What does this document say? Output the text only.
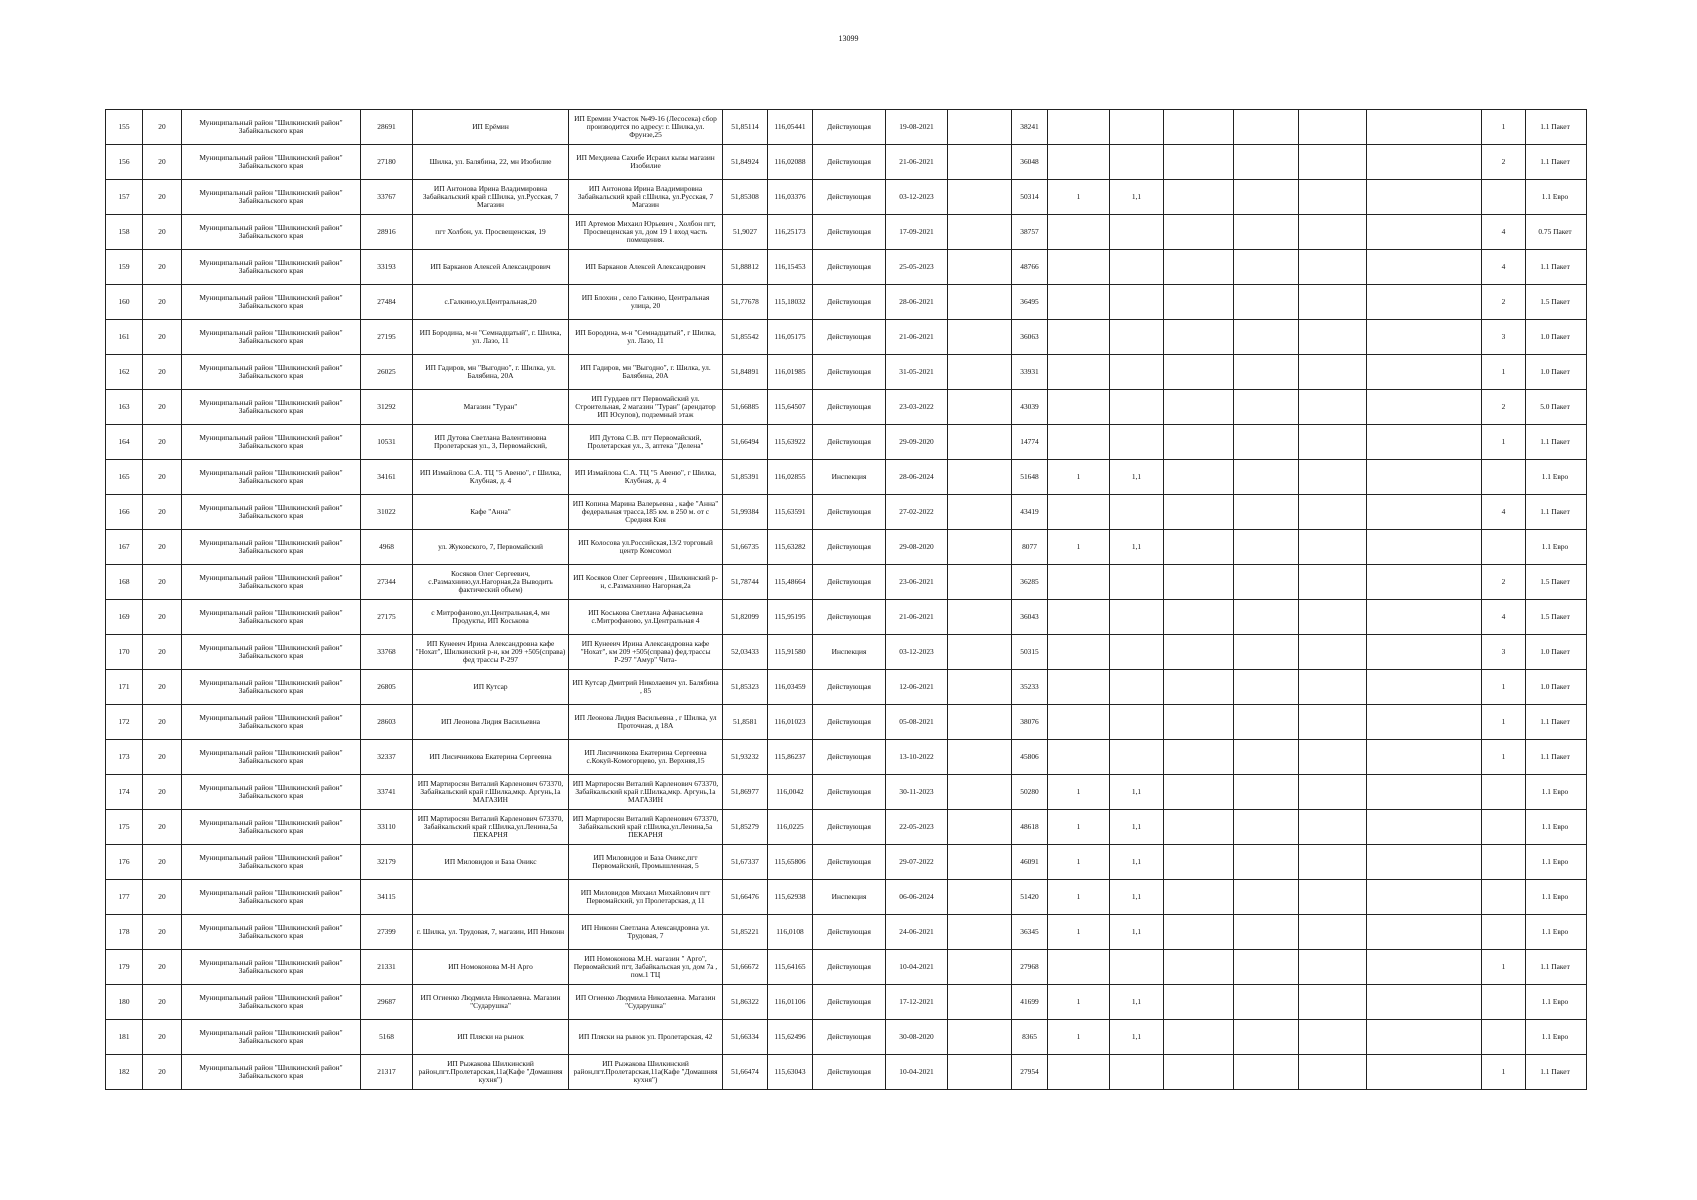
13099
155	20	Муниципальный район "Шилкинский район" Забайкальского края	28691	ИП Ерёмин	ИП Еремин Участок №49-16 (Лесосека) сбор производится по адресу: г. Шилка,ул. Фрунзе,25	51,85114	116,05441	Действующая	19-08-2021		38241							1	1.1 Пакет

156	20	Муниципальный район "Шилкинский район" Забайкальского края	27180	Шилка, ул. Балябина, 22, мн Изобилие	ИП Мехдиева Сахибе Исраил кызы магазин Изобилие	51,84924	116,02088	Действующая	21-06-2021		36048							2	1.1 Пакет

157	20	Муниципальный район "Шилкинский район" Забайкальского края	33767	ИП Антонова Ирина Владимировна Забайкальский край г.Шилка, ул.Русская, 7 Магазин	ИП Антонова Ирина Владимировна Забайкальский край г.Шилка, ул.Русская, 7 Магазин	51,85308	116,03376	Действующая	03-12-2023		50314	1	1,1						1.1 Евро

158	20	Муниципальный район "Шилкинский район" Забайкальского края	28916	пгт Холбон, ул. Просвещенская, 19	ИП Артемов Михаил Юрьевич , Холбон пгт, Просвещенская ул, дом 19 1 вход часть помещения.	51,9027	116,25173	Действующая	17-09-2021		38757							4	0.75 Пакет

159	20	Муниципальный район "Шилкинский район" Забайкальского края	33193	ИП Барканов Алексей Александрович	ИП Барканов Алексей Александрович	51,88812	116,15453	Действующая	25-05-2023		48766							4	1.1 Пакет

160	20	Муниципальный район "Шилкинский район" Забайкальского края	27484	с.Галкино,ул.Центральная,20	ИП Блохин , село Галкино, Центральная улица, 20	51,77678	115,18032	Действующая	28-06-2021		36495							2	1.5 Пакет

161	20	Муниципальный район "Шилкинский район" Забайкальского края	27195	ИП Бородина, м-н "Семнадцатый", г. Шилка, ул. Лазо, 11	ИП Бородина, м-н "Семнадцатый", г Шилка, ул. Лазо, 11	51,85542	116,05175	Действующая	21-06-2021		36063							3	1.0 Пакет

162	20	Муниципальный район "Шилкинский район" Забайкальского края	26025	ИП Гадиров, мн "Выгодно", г. Шилка, ул. Балябина, 20А	ИП Гадиров, мн "Выгодно", г. Шилка, ул. Балябина, 20А	51,84891	116,01985	Действующая	31-05-2021		33931							1	1.0 Пакет

163	20	Муниципальный район "Шилкинский район" Забайкальского края	31292	Магазин "Туран"	ИП Гурдаев пгт Первомайский ул. Строительная, 2 магазин "Туран" (арендатор ИП Юсупов), подземный этаж	51,66885	115,64507	Действующая	23-03-2022		43039							2	5.0 Пакет

164	20	Муниципальный район "Шилкинский район" Забайкальского края	10531	ИП Дутова Светлана Валентиновна Пролетарская ул., 3, Первомайский,	ИП Дутова С.В. пгт Первомайский, Пролетарская ул., 3, аптека "Делена"	51,66494	115,63922	Действующая	29-09-2020		14774							1	1.1 Пакет

165	20	Муниципальный район "Шилкинский район" Забайкальского края	34161	ИП Измайлова С.А. ТЦ "5 Авеню", г Шилка, Клубная, д. 4	ИП Измайлова С.А. ТЦ "5 Авеню", г Шилка, Клубная, д. 4	51,85391	116,02855	Инспекция	28-06-2024		51648	1	1,1						1.1 Евро

166	20	Муниципальный район "Шилкинский район" Забайкальского края	31022	Кафе "Анна"	ИП Копина Марина Валерьевна , кафе "Анна" федеральная трасса,185 км. в 250 м. от с Средняя Кия	51,99384	115,63591	Действующая	27-02-2022		43419							4	1.1 Пакет

167	20	Муниципальный район "Шилкинский район" Забайкальского края	4968	ул. Жуковского, 7, Первомайский	ИП Колосова ул.Российская,13/2 торговый центр Комсомол	51,66735	115,63282	Действующая	29-08-2020		8077	1	1,1						1.1 Евро

168	20	Муниципальный район "Шилкинский район" Забайкальского края	27344	Косяков Олег Сергеевич, с.Размахнино,ул.Нагорная,2а Выводить фактический объем)	ИП Косяков Олег Сергеевич , Шилкинский р-н, с.Размахнино Нагорная,2а	51,78744	115,48664	Действующая	23-06-2021		36285							2	1.5 Пакет

169	20	Муниципальный район "Шилкинский район" Забайкальского края	27175	с Митрофаново,ул.Центральная,4, мн Продукты, ИП Коськова	ИП Коськова Светлана Афанасьевна с.Митрофаново, ул.Центральная 4	51,82099	115,95195	Действующая	21-06-2021		36043							4	1.5 Пакет

170	20	Муниципальный район "Шилкинский район" Забайкальского края	33768	ИП Кунееич Ирина Александровна кафе "Нохат", Шилкинский р-н, км 209 +505(справа) фед трассы Р-297	ИП Кунееич Ирина Александровна кафе "Нохат", км 209 +505(справа) фед.трассы Р-297 "Амур" Чита-	52,03433	115,91580	Инспекция	03-12-2023		50315							3	1.0 Пакет

171	20	Муниципальный район "Шилкинский район" Забайкальского края	26805	ИП Кутсар	ИП Кутсар Дмитрий Николаевич ул. Балябина , 85	51,85323	116,03459	Действующая	12-06-2021		35233							1	1.0 Пакет

172	20	Муниципальный район "Шилкинский район" Забайкальского края	28603	ИП Леонова Лидия Васильевна	ИП Леонова Лидия Васильевна , г Шилка, ул Проточная, д 18А	51,8581	116,01023	Действующая	05-08-2021		38076							1	1.1 Пакет

173	20	Муниципальный район "Шилкинский район" Забайкальского края	32337	ИП Лисичникова Екатерина Сергеевна	ИП Лисичникова Екатерина Сергеевна с.Кокуй-Комогорцево, ул. Верхняя,15	51,93232	115,86237	Действующая	13-10-2022		45806							1	1.1 Пакет

174	20	Муниципальный район "Шилкинский район" Забайкальского края	33741	ИП Мартиросян Виталий Карленович 673370, Забайкальский край г.Шилка,мкр. Аргунь,1а МАГАЗИН	ИП Мартиросян Виталий Карленович 673370, Забайкальский край г.Шилка,мкр. Аргунь,1а МАГАЗИН	51,86977	116,0042	Действующая	30-11-2023		50280	1	1,1						1.1 Евро

175	20	Муниципальный район "Шилкинский район" Забайкальского края	33110	ИП Мартиросян Виталий Карленович 673370, Забайкальский край г.Шилка,ул.Ленина,5а ПЕКАРНЯ	ИП Мартиросян Виталий Карленович 673370, Забайкальский край г.Шилка,ул.Ленина,5а ПЕКАРНЯ	51,85279	116,0225	Действующая	22-05-2023		48618	1	1,1						1.1 Евро

176	20	Муниципальный район "Шилкинский район" Забайкальского края	32179	ИП Миловидов и База Оникс	ИП Миловидов и База Оникс,пгт Первомайский, Промышленная, 5	51,67337	115,65806	Действующая	29-07-2022		46091	1	1,1						1.1 Евро

177	20	Муниципальный район "Шилкинский район" Забайкальского края	34115		ИП Миловидов Михаил Михайлович пгт Первомайский, ул Пролетарская, д 11	51,66476	115,62938	Инспекция	06-06-2024		51420	1	1,1						1.1 Евро

178	20	Муниципальный район "Шилкинский район" Забайкальского края	27399	г. Шилка, ул. Трудовая, 7, магазин, ИП Никонн	ИП Никонн Светлана Александровна ул. Трудовая, 7	51,85221	116,0108	Действующая	24-06-2021		36345	1	1,1						1.1 Евро

179	20	Муниципальный район "Шилкинский район" Забайкальского края	21331	ИП Номоконова М-Н Арго	ИП Номоконова М.Н. магазин " Арго", Первомайский пгт, Забайкальская ул, дом 7а , пом.1 ТЦ	51,66672	115,64165	Действующая	10-04-2021		27968							1	1.1 Пакет

180	20	Муниципальный район "Шилкинский район" Забайкальского края	29687	ИП Огиенко Людмила Николаевна. Магазин "Сударушка"	ИП Огиенко Людмила Николаевна. Магазин "Сударушка"	51,86322	116,01106	Действующая	17-12-2021		41699	1	1,1						1.1 Евро

181	20	Муниципальный район "Шилкинский район" Забайкальского края	5168	ИП Пляски на рынок	ИП Пляски на рынок ул. Пролетарская, 42	51,66334	115,62496	Действующая	30-08-2020		8365	1	1,1						1.1 Евро

182	20	Муниципальный район "Шилкинский район" Забайкальского края	21317	ИП Рыжакова Шилкинский район,пгт.Пролетарская,11а(Кафе "Домашняя кухня")	ИП Рыжакова Шилкинский район,пгт.Пролетарская,11а(Кафе "Домашняя кухня")	51,66474	115,63043	Действующая	10-04-2021		27954							1	1.1 Пакет
